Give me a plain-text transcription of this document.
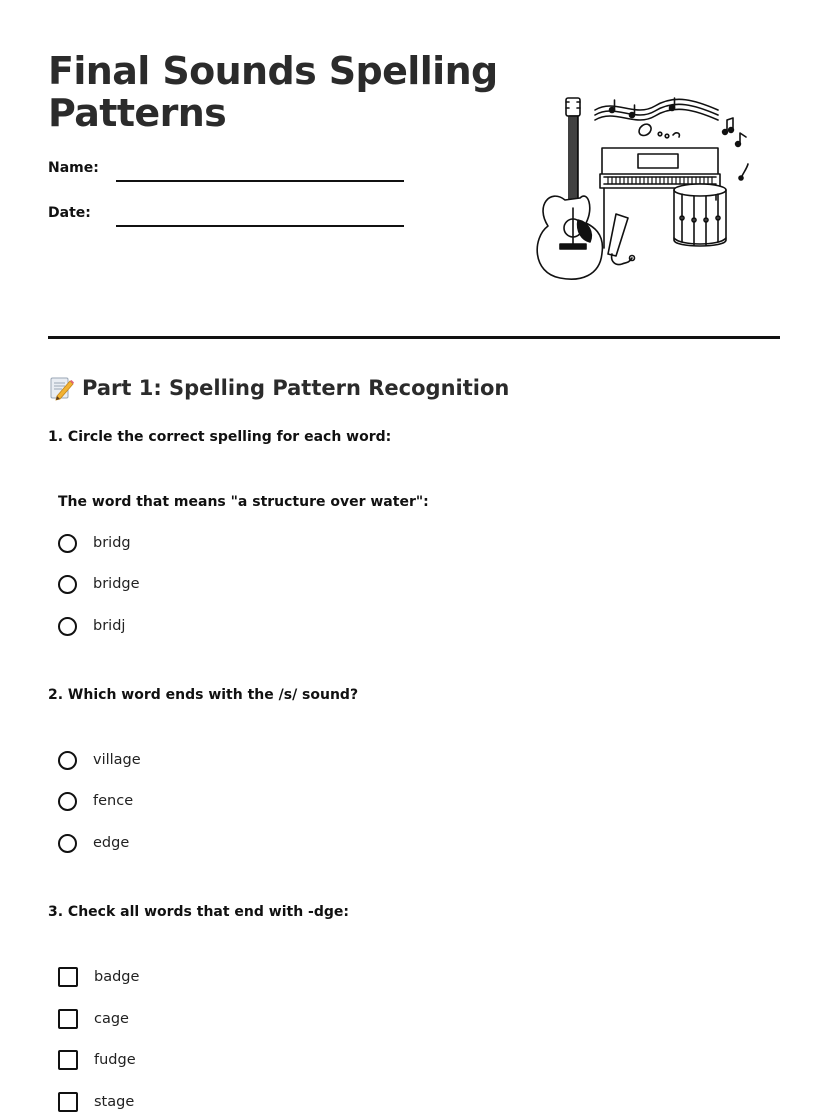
Final Sounds Spelling Patterns
Name:
Date:
Part 1: Spelling Pattern Recognition
1. Circle the correct spelling for each word:
The word that means "a structure over water":
bridg
bridge
bridj
2. Which word ends with the /s/ sound?
village
fence
edge
3. Check all words that end with -dge:
badge
cage
fudge
stage
